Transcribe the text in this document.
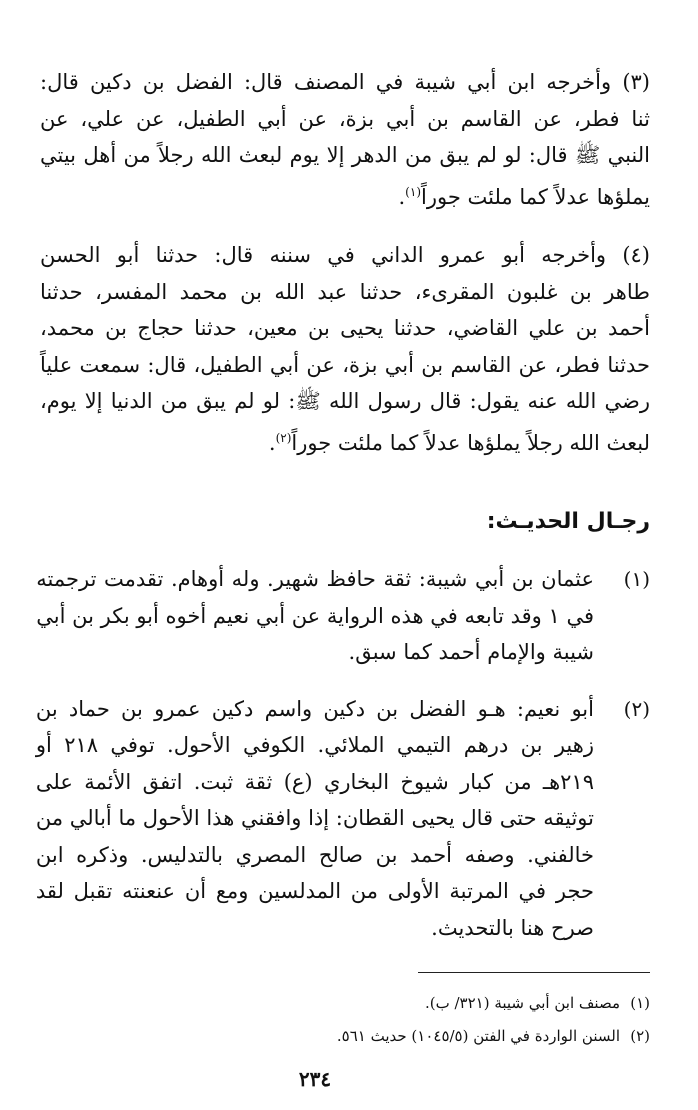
(٣) وأخرجه ابن أبي شيبة في المصنف قال: الفضل بن دكين قال:
ثنا فطر، عن القاسم بن أبي بزة، عن أبي الطفيل، عن علي، عن
النبي ﷺ قال: لو لم يبق من الدهر إلا يوم لبعث الله رجلاً من أهل بيتي
يملؤها عدلاً كما ملئت جوراً$^{(١)}$.
(٤) وأخرجه أبو عمرو الداني في سننه قال: حدثنا أبو الحسن
طاهر بن غلبون المقرىء، حدثنا عبد الله بن محمد المفسر، حدثنا
أحمد بن علي القاضي، حدثنا يحيى بن معين، حدثنا حجاج بن محمد،
حدثنا فطر، عن القاسم بن أبي بزة، عن أبي الطفيل، قال: سمعت علياً
رضي الله عنه يقول: قال رسول الله ﷺ: لو لم يبق من الدنيا إلا يوم،
لبعث الله رجلاً يملؤها عدلاً كما ملئت جوراً$^{(٢)}$.
رجـال الحديـث:
(١)
عثمان بن أبي شيبة: ثقة حافظ شهير. وله أوهام. تقدمت ترجمته
في ١ وقد تابعه في هذه الرواية عن أبي نعيم أخوه أبو بكر بن أبي
شيبة والإمام أحمد كما سبق.
(٢)
أبو نعيم: هـو الفضل بن دكين واسم دكين عمرو بن حماد بن
زهير بن درهم التيمي الملائي. الكوفي الأحول. توفي ٢١٨ أو
٢١٩هـ من كبار شيوخ البخاري (ع) ثقة ثبت. اتفق الأئمة على
توثيقه حتى قال يحيى القطان: إذا وافقني هذا الأحول ما أبالي من
خالفني. وصفه أحمد بن صالح المصري بالتدليس. وذكره ابن
حجر في المرتبة الأولى من المدلسين ومع أن عنعنته تقبل لقد
صرح هنا بالتحديث.
(١)
مصنف ابن أبي شيبة (٣٢١/ ب).
(٢)
السنن الواردة في الفتن (١٠٤٥/٥) حديث ٥٦١.
٢٣٤
